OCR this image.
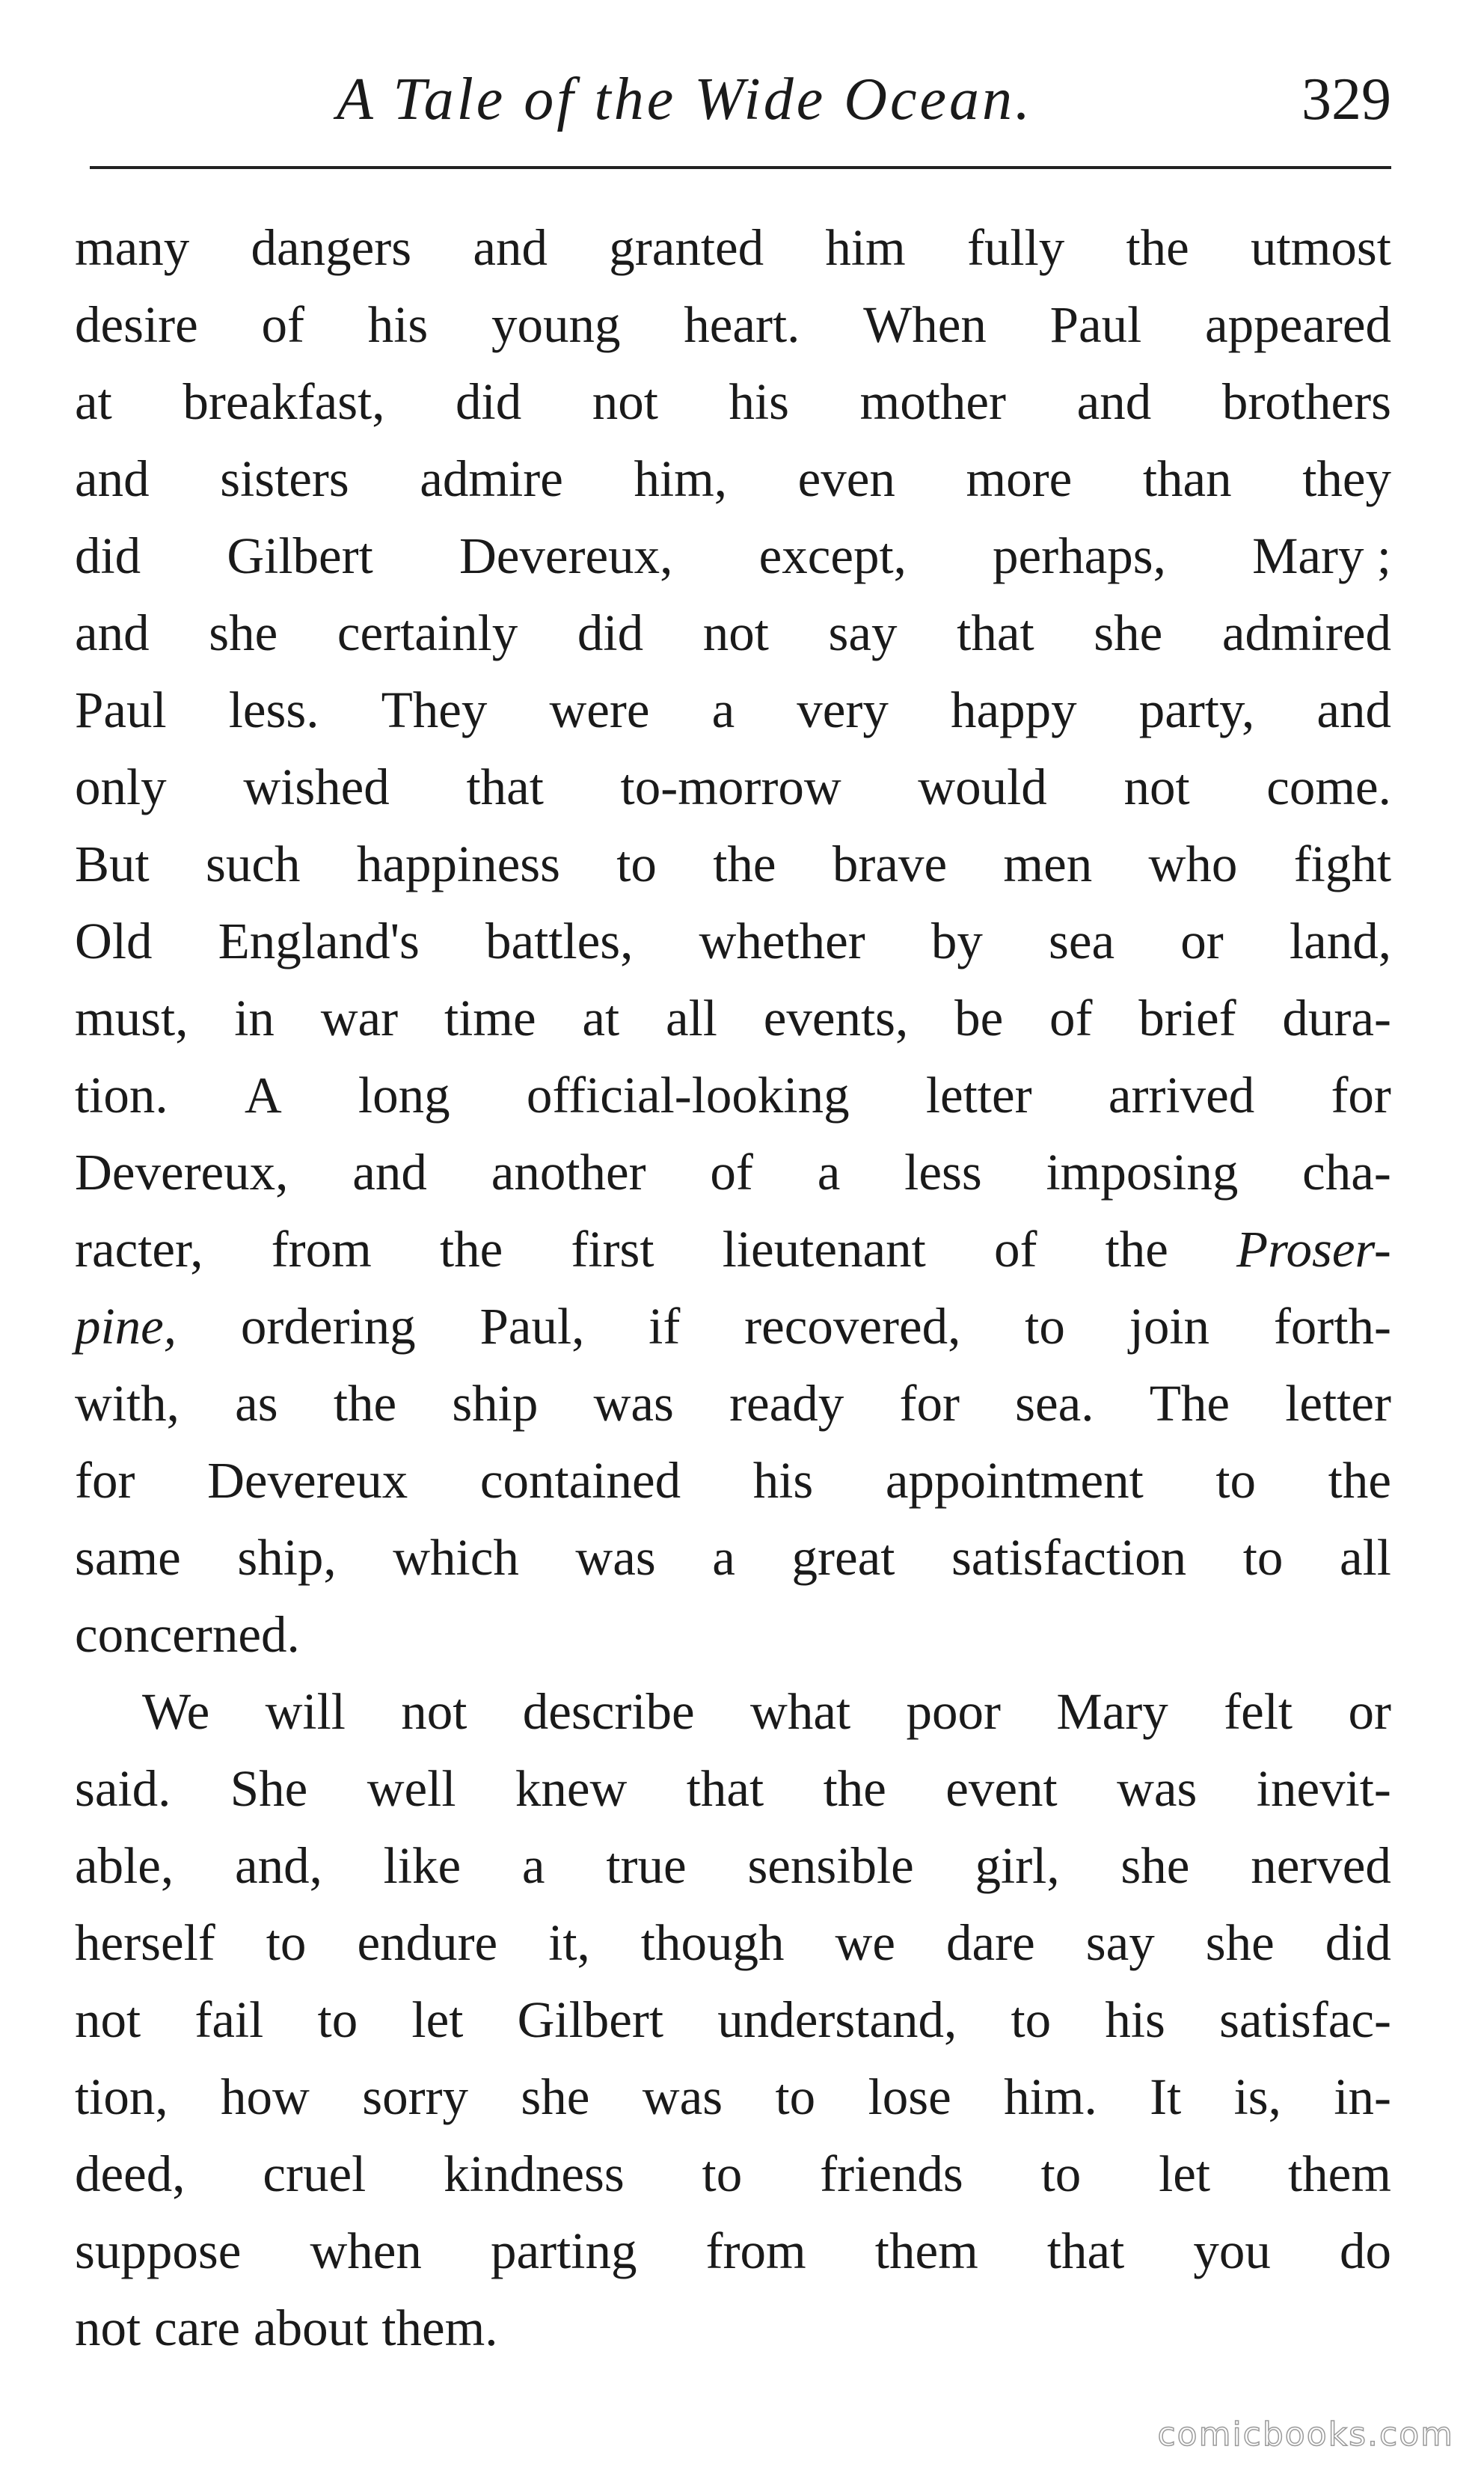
A Tale of the Wide Ocean.	329
many dangers and granted him fully the utmost
desire of his young heart. When Paul appeared
at breakfast, did not his mother and brothers
and sisters admire him, even more than they
did Gilbert Devereux, except, perhaps, Mary ;
and she certainly did not say that she admired
Paul less. They were a very happy party, and
only wished that to-morrow would not come.
But such happiness to the brave men who fight
Old England's battles, whether by sea or land,
must, in war time at all events, be of brief dura-
tion. A long official-looking letter arrived for
Devereux, and another of a less imposing cha-
racter, from the first lieutenant of the Proser-
pine, ordering Paul, if recovered, to join forth-
with, as the ship was ready for sea. The letter
for Devereux contained his appointment to the
same ship, which was a great satisfaction to all
concerned.
We will not describe what poor Mary felt or
said. She well knew that the event was inevit-
able, and, like a true sensible girl, she nerved
herself to endure it, though we dare say she did
not fail to let Gilbert understand, to his satisfac-
tion, how sorry she was to lose him. It is, in-
deed, cruel kindness to friends to let them
suppose when parting from them that you do
not care about them.
comicbooks.com
